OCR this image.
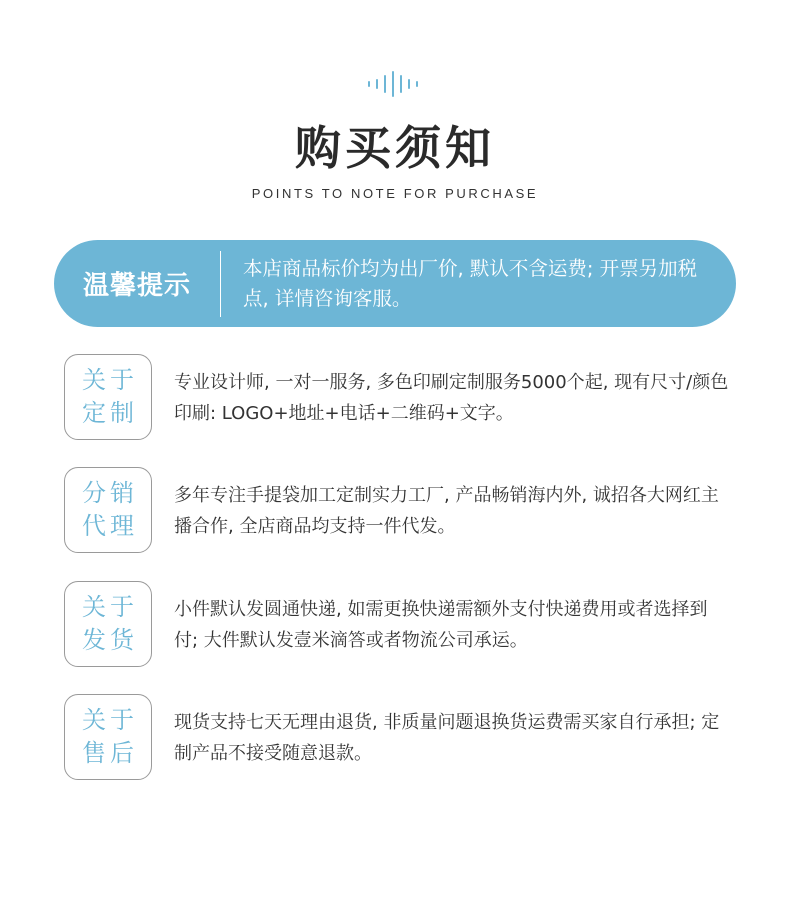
购买须知
POINTS TO NOTE FOR PURCHASE
温馨提示
本店商品标价均为出厂价, 默认不含运费; 开票另加税点, 详情咨询客服。
关于
定制
专业设计师, 一对一服务, 多色印刷定制服务5000个起, 现有尺寸/颜色印刷: LOGO+地址+电话+二维码+文字。
分销
代理
多年专注手提袋加工定制实力工厂, 产品畅销海内外, 诚招各大网红主播合作, 全店商品均支持一件代发。
关于
发货
小件默认发圆通快递, 如需更换快递需额外支付快递费用或者选择到付; 大件默认发壹米滴答或者物流公司承运。
关于
售后
现货支持七天无理由退货, 非质量问题退换货运费需买家自行承担; 定制产品不接受随意退款。
